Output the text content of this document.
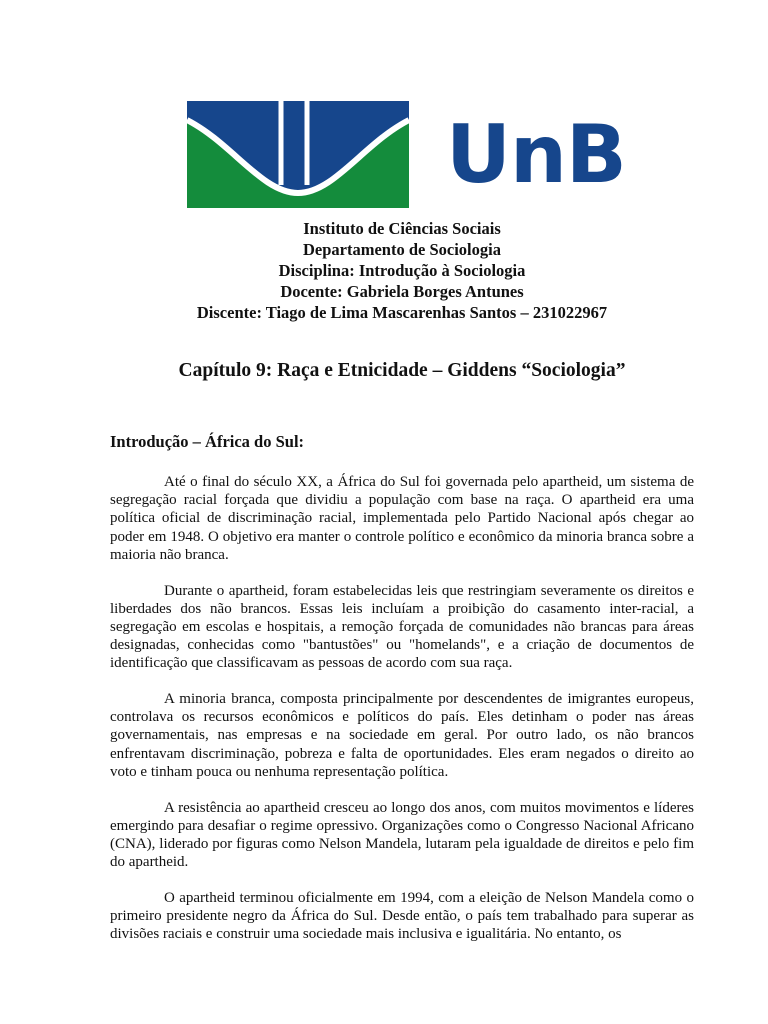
UnB
Instituto de Ciências Sociais
Departamento de Sociologia
Disciplina: Introdução à Sociologia
Docente: Gabriela Borges Antunes
Discente: Tiago de Lima Mascarenhas Santos – 231022967
Capítulo 9: Raça e Etnicidade – Giddens “Sociologia”
Introdução – África do Sul:

Até o final do século XX, a África do Sul foi governada pelo apartheid, um sistema de segregação racial forçada que dividiu a população com base na raça. O apartheid era uma política oficial de discriminação racial, implementada pelo Partido Nacional após chegar ao poder em 1948. O objetivo era manter o controle político e econômico da minoria branca sobre a maioria não branca.

Durante o apartheid, foram estabelecidas leis que restringiam severamente os direitos e liberdades dos não brancos. Essas leis incluíam a proibição do casamento inter-racial, a segregação em escolas e hospitais, a remoção forçada de comunidades não brancas para áreas designadas, conhecidas como "bantustões" ou "homelands", e a criação de documentos de identificação que classificavam as pessoas de acordo com sua raça.

A minoria branca, composta principalmente por descendentes de imigrantes europeus, controlava os recursos econômicos e políticos do país. Eles detinham o poder nas áreas governamentais, nas empresas e na sociedade em geral. Por outro lado, os não brancos enfrentavam discriminação, pobreza e falta de oportunidades. Eles eram negados o direito ao voto e tinham pouca ou nenhuma representação política.

A resistência ao apartheid cresceu ao longo dos anos, com muitos movimentos e líderes emergindo para desafiar o regime opressivo. Organizações como o Congresso Nacional Africano (CNA), liderado por figuras como Nelson Mandela, lutaram pela igualdade de direitos e pelo fim do apartheid.

O apartheid terminou oficialmente em 1994, com a eleição de Nelson Mandela como o primeiro presidente negro da África do Sul. Desde então, o país tem trabalhado para superar as divisões raciais e construir uma sociedade mais inclusiva e igualitária. No entanto, os
